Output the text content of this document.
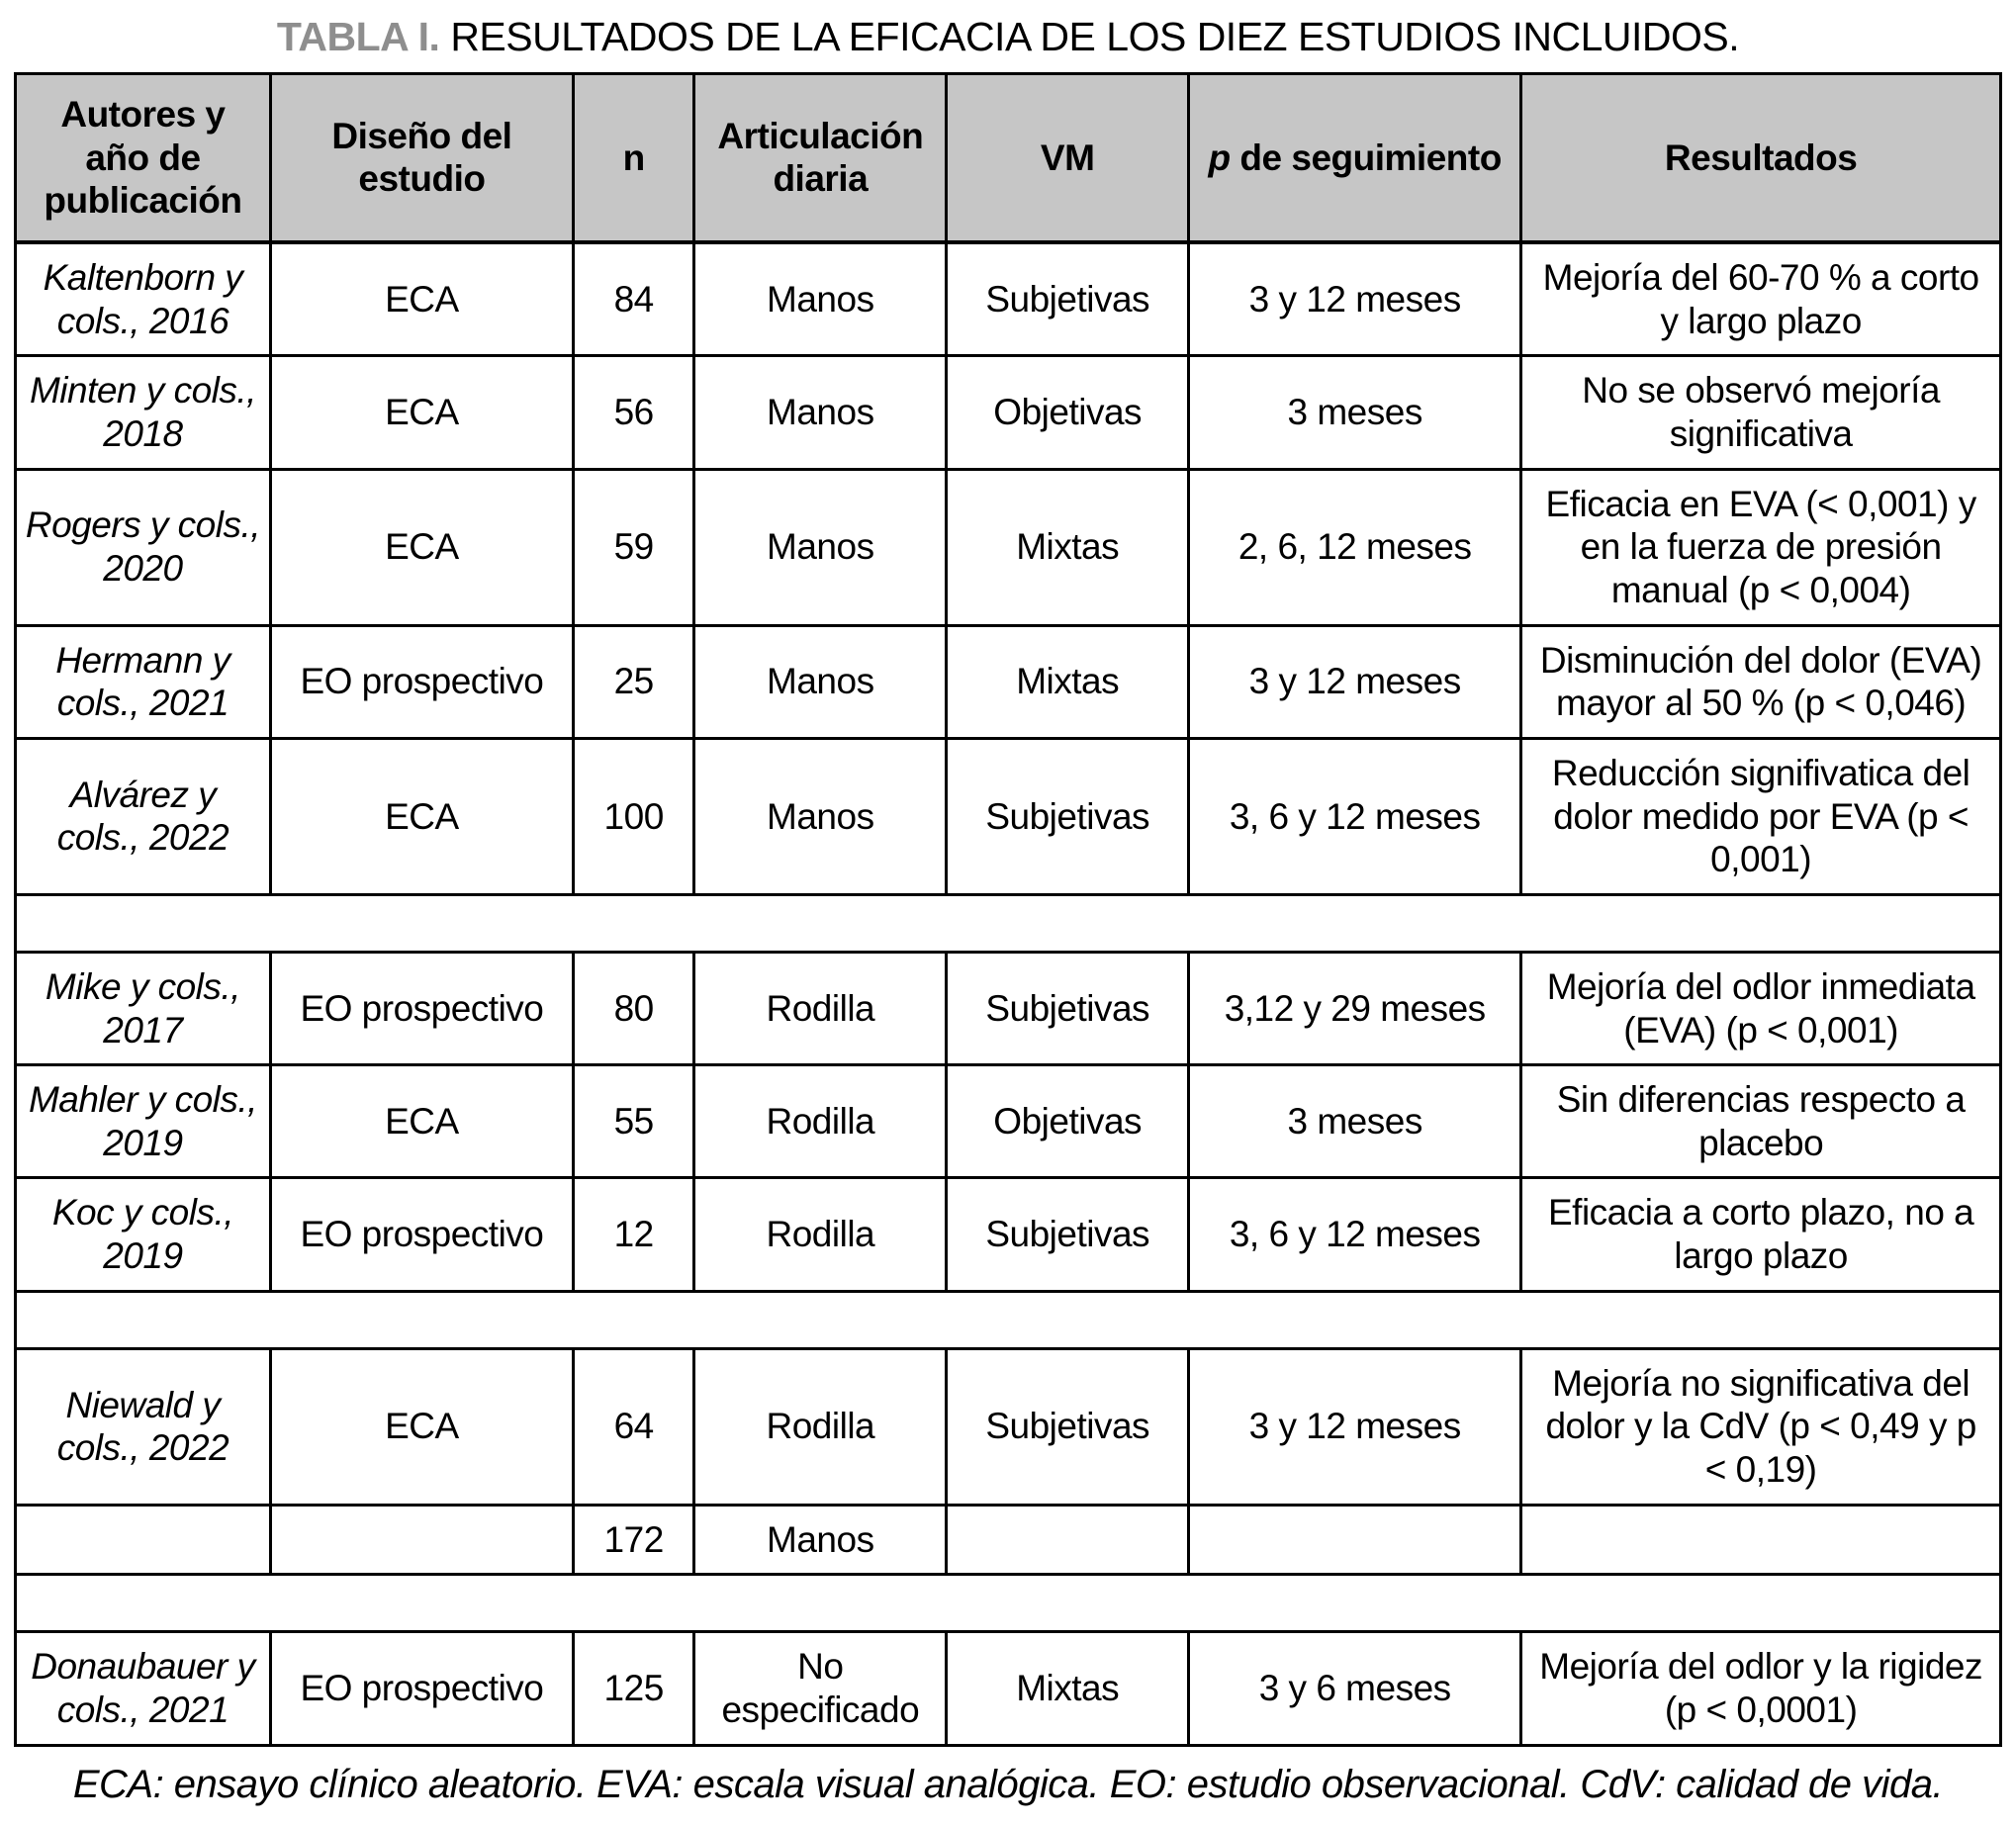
TABLA I. RESULTADOS DE LA EFICACIA DE LOS DIEZ ESTUDIOS INCLUIDOS.
Autores y año de publicación	Diseño del estudio	n	Articulación diaria	VM	p de seguimiento	Resultados
Kaltenborn y cols., 2016	ECA	84	Manos	Subjetivas	3 y 12 meses	Mejoría del 60-70 % a corto y largo plazo
Minten y cols., 2018	ECA	56	Manos	Objetivas	3 meses	No se observó mejoría significativa
Rogers y cols., 2020	ECA	59	Manos	Mixtas	2, 6, 12 meses	Eficacia en EVA (< 0,001) y en la fuerza de presión manual (p < 0,004)
Hermann y cols., 2021	EO prospectivo	25	Manos	Mixtas	3 y 12 meses	Disminución del dolor (EVA) mayor al 50 % (p < 0,046)
Alvárez y cols., 2022	ECA	100	Manos	Subjetivas	3, 6 y 12 meses	Reducción signifivatica del dolor medido por EVA (p < 0,001)

Mike y cols., 2017	EO prospectivo	80	Rodilla	Subjetivas	3,12 y 29 meses	Mejoría del odlor inmediata (EVA) (p < 0,001)
Mahler y cols., 2019	ECA	55	Rodilla	Objetivas	3 meses	Sin diferencias respecto a placebo
Koc y cols., 2019	EO prospectivo	12	Rodilla	Subjetivas	3, 6 y 12 meses	Eficacia a corto plazo, no a largo plazo

Niewald y cols., 2022	ECA	64	Rodilla	Subjetivas	3 y 12 meses	Mejoría no significativa del dolor y la CdV (p < 0,49 y p < 0,19)
		172	Manos			

Donaubauer y cols., 2021	EO prospectivo	125	No especificado	Mixtas	3 y 6 meses	Mejoría del odlor y la rigidez (p < 0,0001)
ECA: ensayo clínico aleatorio. EVA: escala visual analógica. EO: estudio observacional. CdV: calidad de vida.
